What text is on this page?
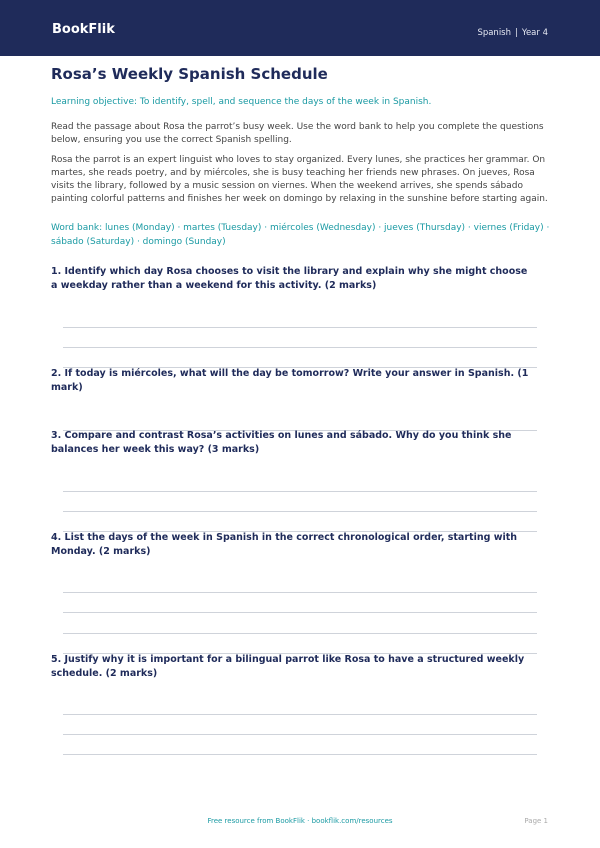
BookFlik	Spanish | Year 4
Rosa’s Weekly Spanish Schedule
Learning objective: To identify, spell, and sequence the days of the week in Spanish.
Read the passage about Rosa the parrot’s busy week. Use the word bank to help you complete the questions below, ensuring you use the correct Spanish spelling.
Rosa the parrot is an expert linguist who loves to stay organized. Every lunes, she practices her grammar. On martes, she reads poetry, and by miércoles, she is busy teaching her friends new phrases. On jueves, Rosa visits the library, followed by a music session on viernes. When the weekend arrives, she spends sábado painting colorful patterns and finishes her week on domingo by relaxing in the sunshine before starting again.
Word bank: lunes (Monday) · martes (Tuesday) · miércoles (Wednesday) · jueves (Thursday) · viernes (Friday) · sábado (Saturday) · domingo (Sunday)
1. Identify which day Rosa chooses to visit the library and explain why she might choose a weekday rather than a weekend for this activity. (2 marks)
2. If today is miércoles, what will the day be tomorrow? Write your answer in Spanish. (1 mark)
3. Compare and contrast Rosa’s activities on lunes and sábado. Why do you think she balances her week this way? (3 marks)
4. List the days of the week in Spanish in the correct chronological order, starting with Monday. (2 marks)
5. Justify why it is important for a bilingual parrot like Rosa to have a structured weekly schedule. (2 marks)
Free resource from BookFlik · bookflik.com/resources	Page 1
